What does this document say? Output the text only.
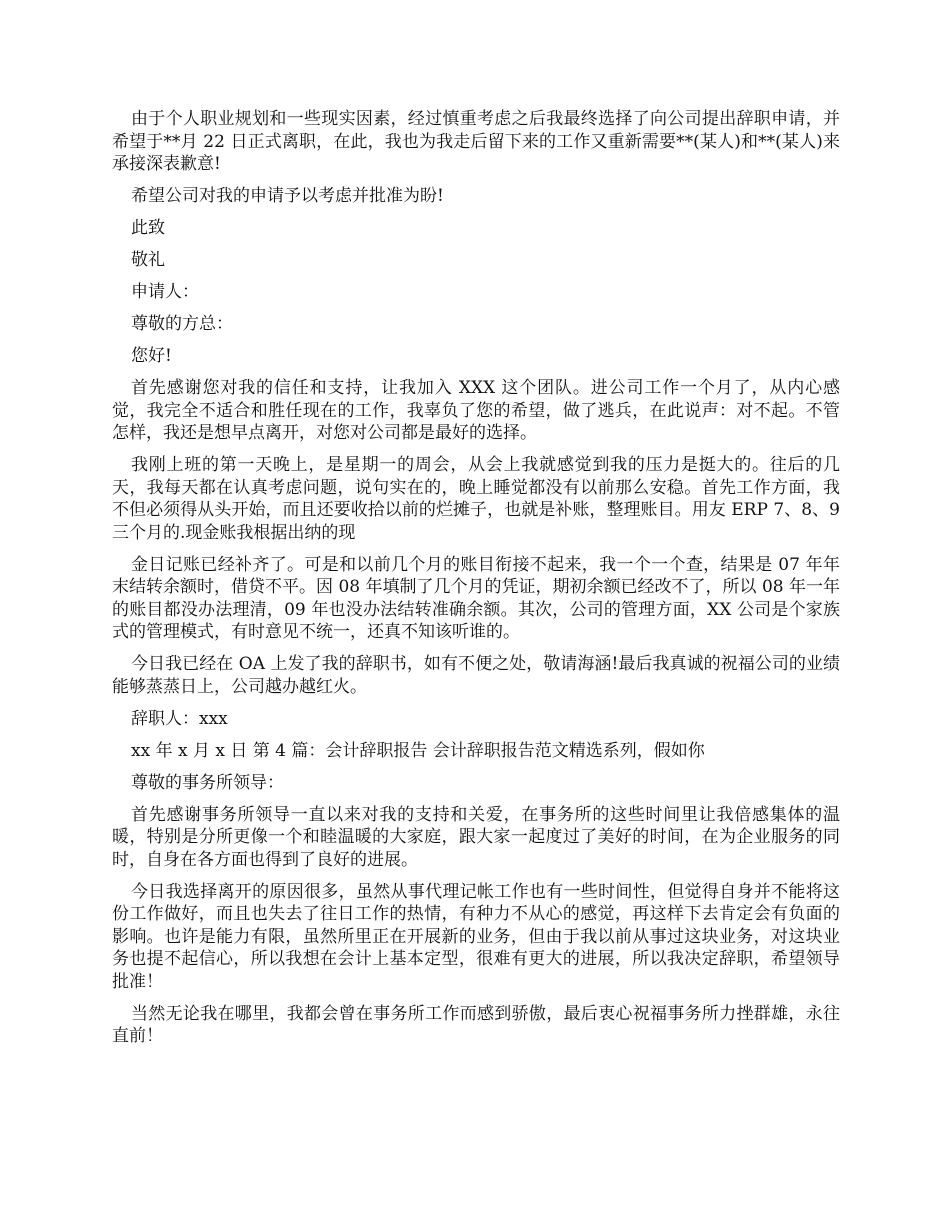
由于个人职业规划和一些现实因素，经过慎重考虑之后我最终选择了向公司提出辞职申请，并希望于**月 22 日正式离职，在此，我也为我走后留下来的工作又重新需要**(某人)和**(某人)来承接深表歉意!

希望公司对我的申请予以考虑并批准为盼!

此致

敬礼

申请人：

尊敬的方总：

您好!

首先感谢您对我的信任和支持，让我加入 XXX 这个团队。进公司工作一个月了，从内心感觉，我完全不适合和胜任现在的工作，我辜负了您的希望，做了逃兵，在此说声：对不起。不管怎样，我还是想早点离开，对您对公司都是最好的选择。

我刚上班的第一天晚上，是星期一的周会，从会上我就感觉到我的压力是挺大的。往后的几天，我每天都在认真考虑问题，说句实在的，晚上睡觉都没有以前那么安稳。首先工作方面，我不但必须得从头开始，而且还要收拾以前的烂摊子，也就是补账，整理账目。用友 ERP 7、8、9 三个月的.现金账我根据出纳的现

金日记账已经补齐了。可是和以前几个月的账目衔接不起来，我一个一个查，结果是 07 年年末结转余额时，借贷不平。因 08 年填制了几个月的凭证，期初余额已经改不了，所以 08 年一年的账目都没办法理清，09 年也没办法结转准确余额。其次，公司的管理方面，XX 公司是个家族式的管理模式，有时意见不统一，还真不知该听谁的。

今日我已经在 OA 上发了我的辞职书，如有不便之处，敬请海涵!最后我真诚的祝福公司的业绩能够蒸蒸日上，公司越办越红火。

辞职人：xxx

xx 年 x 月 x 日 第 4 篇：会计辞职报告 会计辞职报告范文精选系列，假如你

尊敬的事务所领导：

首先感谢事务所领导一直以来对我的支持和关爱，在事务所的这些时间里让我倍感集体的温暖，特别是分所更像一个和睦温暖的大家庭，跟大家一起度过了美好的时间，在为企业服务的同时，自身在各方面也得到了良好的进展。

今日我选择离开的原因很多，虽然从事代理记帐工作也有一些时间性，但觉得自身并不能将这份工作做好，而且也失去了往日工作的热情，有种力不从心的感觉，再这样下去肯定会有负面的影响。也许是能力有限，虽然所里正在开展新的业务，但由于我以前从事过这块业务，对这块业务也提不起信心，所以我想在会计上基本定型，很难有更大的进展，所以我决定辞职，希望领导批准！

当然无论我在哪里，我都会曾在事务所工作而感到骄傲，最后衷心祝福事务所力挫群雄，永往直前！
